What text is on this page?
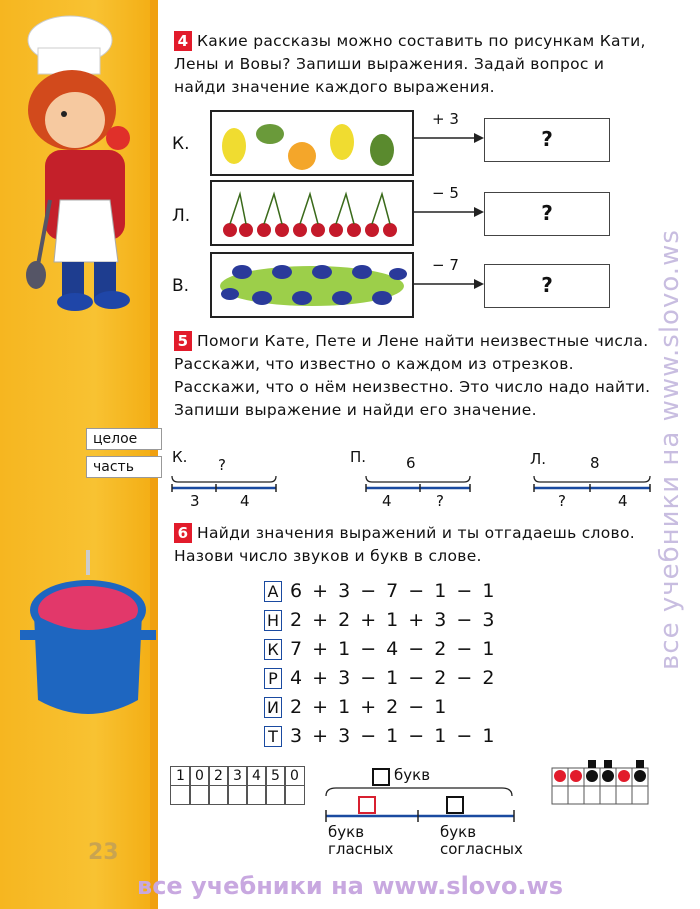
4 Какие рассказы можно составить по рисункам Кати, Лены и Вовы? Запиши выражения. Задай вопрос и найди значение каждого выражения.
К.
+ 3
?
Л.
− 5
?
В.
− 7
?
5 Помоги Кате, Пете и Лене найти неизвестные числа. Расскажи, что известно о каждом из отрезков. Расскажи, что о нём неизвестно. Это число надо найти. Запиши выражение и найди его значение.
целое
часть
К. ?
3	4
П.	6
4	?
Л.	8
?	4
6 Найди значения выражений и ты отгадаешь слово. Назови число звуков и букв в слове.
А 6 + 3 − 7 − 1 − 1
Н 2 + 2 + 1 + 3 − 3
К 7 + 1 − 4 − 2 − 1
Р 4 + 3 − 1 − 2 − 2
И 2 + 1 + 2 − 1
Т 3 + 3 − 1 − 1 − 1
1 0 2 3 4 5 0	букв
букв
гласных
букв
согласных
23
все учебники на www.slovo.ws
все учебники на www.slovo.ws
